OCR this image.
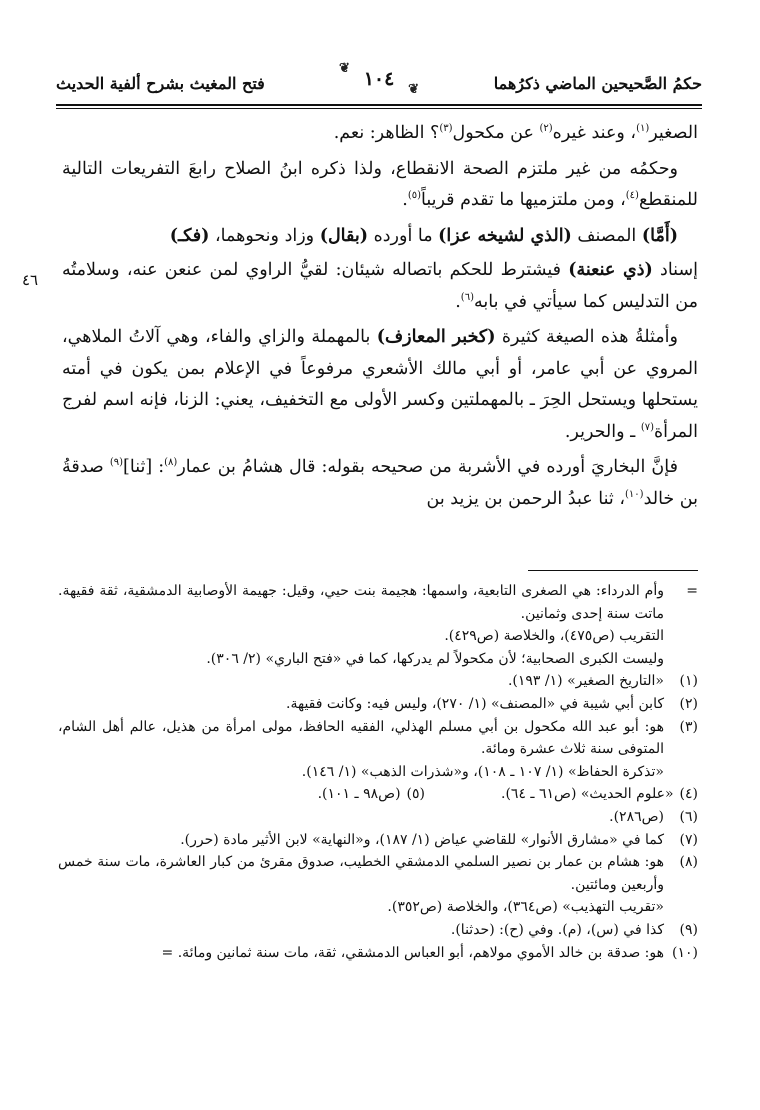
حكمُ الصَّحيحين الماضي ذكرُهما
❦ ١٠٤ ❦
فتح المغيث بشرح ألفية الحديث
٤٦

الصغير$^{(١)}$، وعند غيره$^{(٢)}$ عن مكحول$^{(٣)}$؟ الظاهر: نعم.

وحكمُه من غير ملتزم الصحة الانقطاع، ولذا ذكره ابنُ الصلاح رابعَ التفريعات التالية للمنقطع$^{(٤)}$، ومن ملتزميها ما تقدم قريباً$^{(٥)}$.

(أَمَّا) المصنف (الذي لشيخه عزا) ما أورده (بقال) وزاد ونحوهما، (فكـ)

إسناد (ذي عنعنة) فيشترط للحكم باتصاله شيئان: لقيُّ الراوي لمن عنعن عنه، وسلامتُه من التدليس كما سيأتي في بابه$^{(٦)}$.

وأمثلةُ هذه الصيغة كثيرة (كخبر المعازف) بالمهملة والزاي والفاء، وهي آلاتُ الملاهي، المروي عن أبي عامر، أو أبي مالك الأشعري مرفوعاً في الإعلام بمن يكون في أمته يستحلها ويستحل الحِرَ ـ بالمهملتين وكسر الأولى مع التخفيف، يعني: الزنا، فإنه اسم لفرج المرأة$^{(٧)}$ ـ والحرير.

فإنَّ البخاريَ أورده في الأشربة من صحيحه بقوله: قال هشامُ بن عمار$^{(٨)}$: [ثنا]$^{(٩)}$ صدقةُ بن خالد$^{(١٠)}$، ثنا عبدُ الرحمن بن يزيد بن

=
وأم الدرداء: هي الصغرى التابعية، واسمها: هجيمة بنت حيي، وقيل: جهيمة الأوصابية الدمشقية، ثقة فقيهة. ماتت سنة إحدى وثمانين.
التقريب (ص٤٧٥)، والخلاصة (ص٤٢٩).
وليست الكبرى الصحابية؛ لأن مكحولاً لم يدركها، كما في «فتح الباري» (٢/ ٣٠٦).
(١)
«التاريخ الصغير» (١/ ١٩٣).
(٢)
كابن أبي شيبة في «المصنف» (١/ ٢٧٠)، وليس فيه: وكانت فقيهة.
(٣)
هو: أبو عبد الله مكحول بن أبي مسلم الهذلي، الفقيه الحافظ، مولى امرأة من هذيل، عالم أهل الشام، المتوفى سنة ثلاث عشرة ومائة.
«تذكرة الحفاظ» (١/ ١٠٧ ـ ١٠٨)، و«شذرات الذهب» (١/ ١٤٦).
(٤)
«علوم الحديث» (ص٦١ ـ ٦٤).
(٥)
(ص٩٨ ـ ١٠١).
(٦)
(ص٢٨٦).
(٧)
كما في «مشارق الأنوار» للقاضي عياض (١/ ١٨٧)، و«النهاية» لابن الأثير مادة (حرر).
(٨)
هو: هشام بن عمار بن نصير السلمي الدمشقي الخطيب، صدوق مقرئ من كبار العاشرة، مات سنة خمس وأربعين ومائتين.
«تقريب التهذيب» (ص٣٦٤)، والخلاصة (ص٣٥٢).
(٩)
كذا في (س)، (م). وفي (ح): (حدثنا).
(١٠)
هو: صدقة بن خالد الأموي مولاهم، أبو العباس الدمشقي، ثقة، مات سنة ثمانين ومائة. =
